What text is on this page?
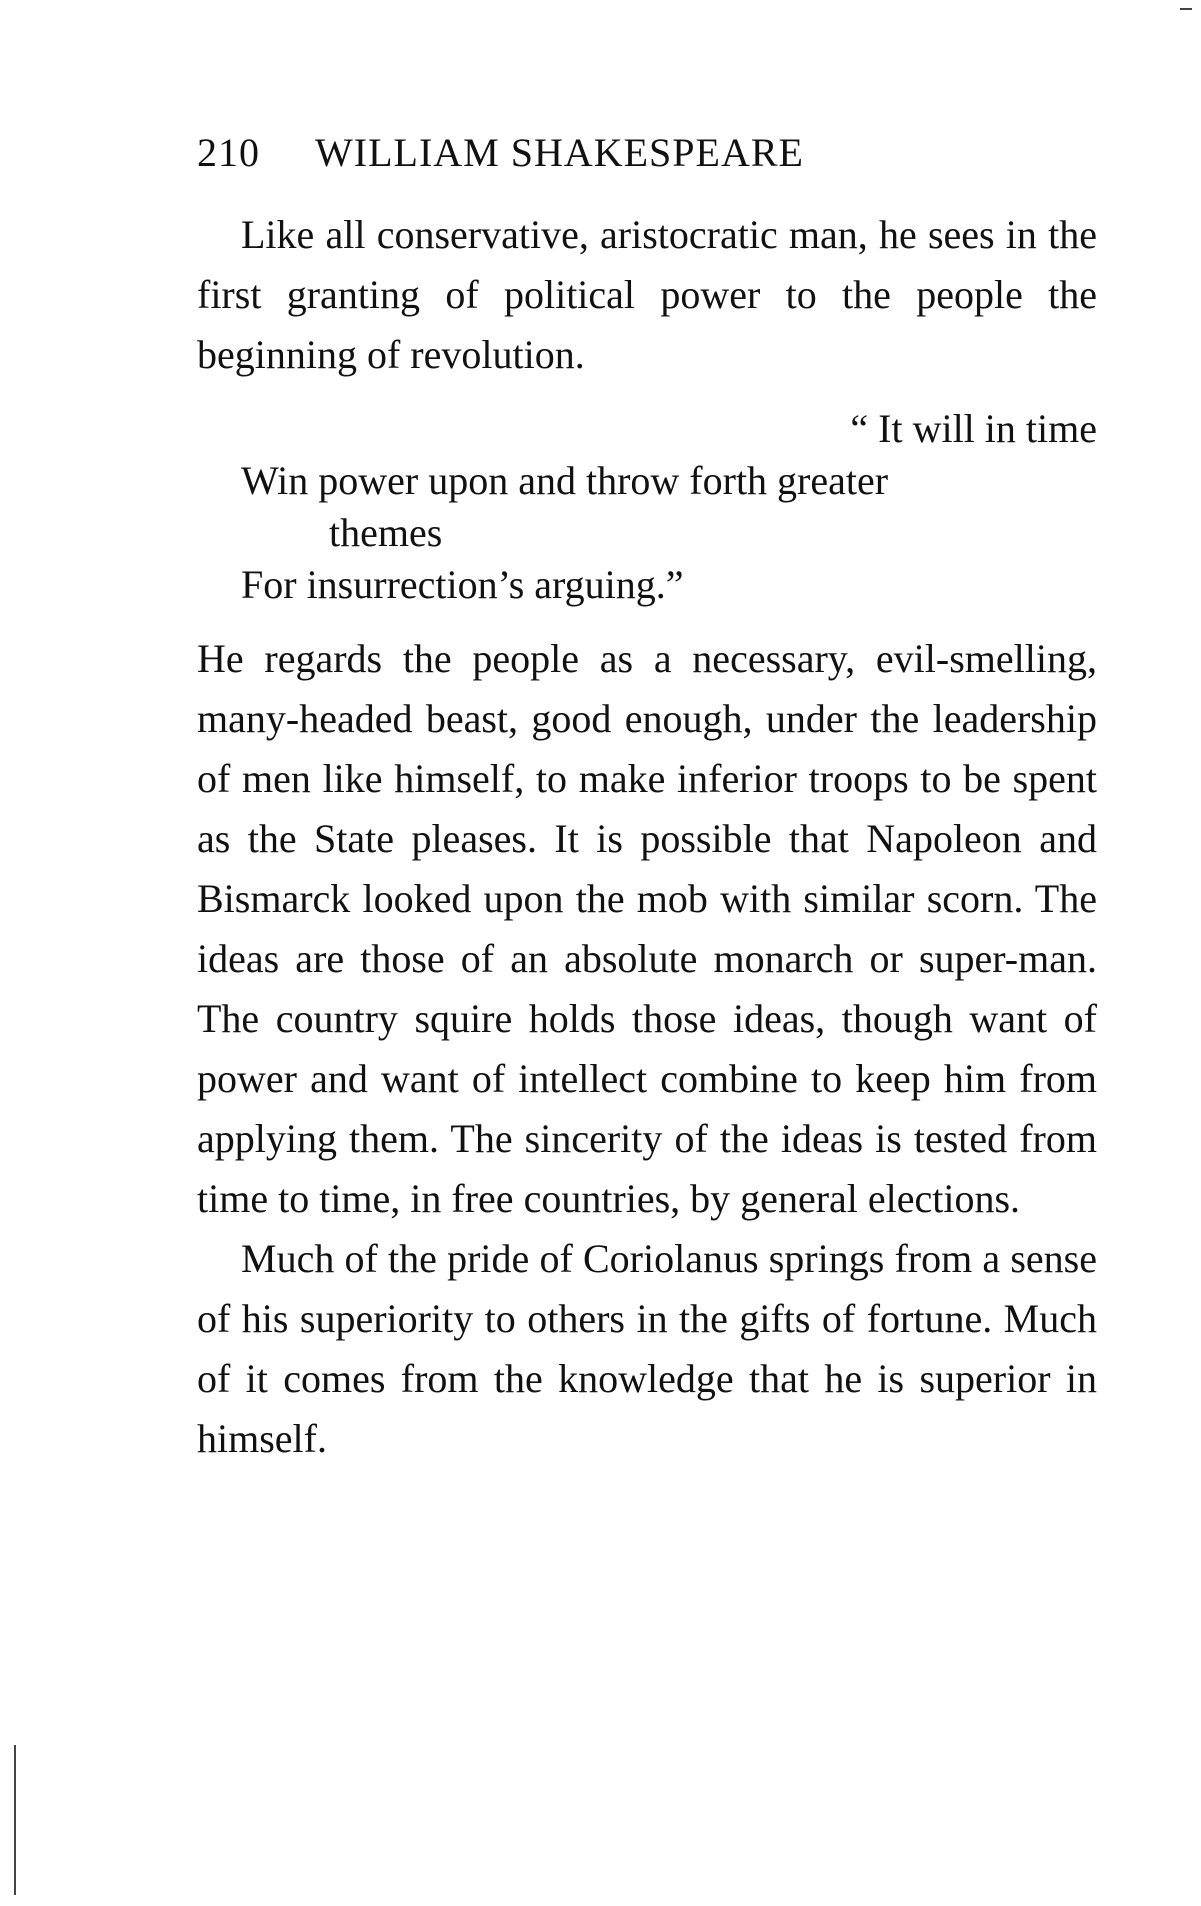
210 WILLIAM SHAKESPEARE

Like all conservative, aristocratic man, he sees in the first granting of political power to the people the beginning of revolution.

“ It will in time
Win power upon and throw forth greater
themes
For insurrection’s arguing.”

He regards the people as a necessary, evil-smelling, many-headed beast, good enough, under the leadership of men like himself, to make inferior troops to be spent as the State pleases. It is possible that Napoleon and Bismarck looked upon the mob with similar scorn. The ideas are those of an absolute monarch or super-man. The country squire holds those ideas, though want of power and want of intellect combine to keep him from applying them. The sincerity of the ideas is tested from time to time, in free countries, by general elections.

Much of the pride of Coriolanus springs from a sense of his superiority to others in the gifts of fortune. Much of it comes from the knowledge that he is superior in himself.
